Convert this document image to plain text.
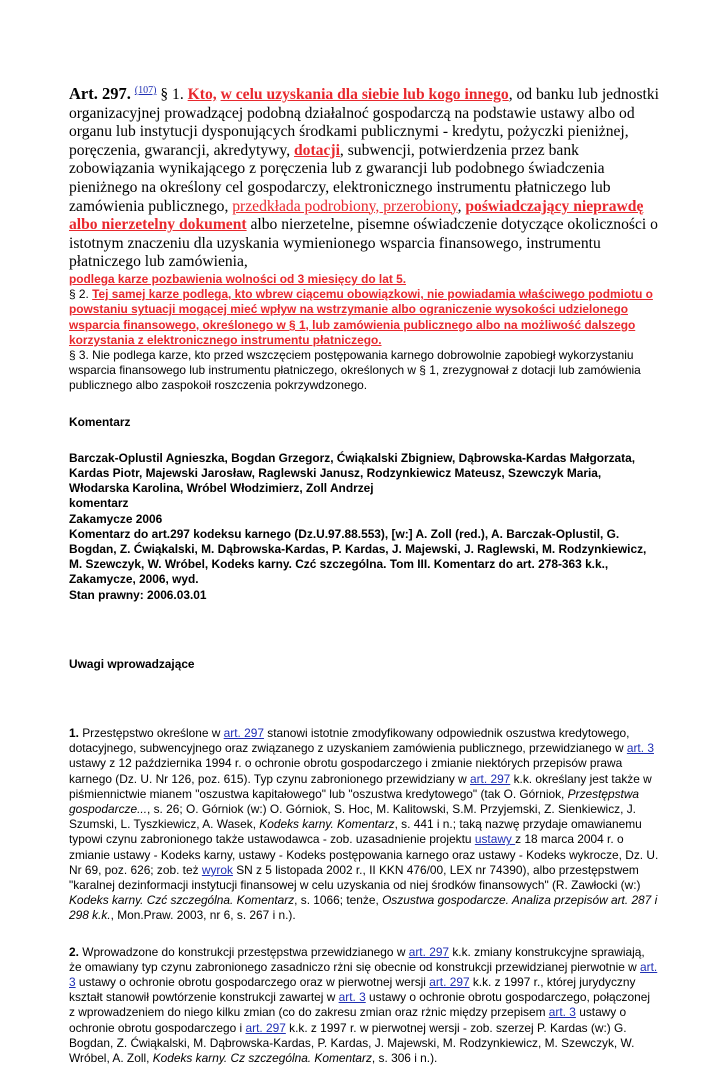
Art. 297. $^{(107)}$ § 1. Kto, w celu uzyskania dla siebie lub kogo innego, od banku lub jednostki organizacyjnej prowadzącej podobną działalnoć gospodarczą na podstawie ustawy albo od organu lub instytucji dysponujących środkami publicznymi - kredytu, pożyczki pieniżnej, poręczenia, gwarancji, akredytywy, dotacji, subwencji, potwierdzenia przez bank zobowiązania wynikającego z poręczenia lub z gwarancji lub podobnego świadczenia pieniżnego na określony cel gospodarczy, elektronicznego instrumentu płatniczego lub zamówienia publicznego, przedkłada podrobiony, przerobiony, poświadczający nieprawdę albo nierzetelny dokument albo nierzetelne, pisemne oświadczenie dotyczące okoliczności o istotnym znaczeniu dla uzyskania wymienionego wsparcia finansowego, instrumentu płatniczego lub zamówienia,

podlega karze pozbawienia wolności od 3 miesięcy do lat 5.

§ 2. Tej samej karze podlega, kto wbrew ciącemu obowiązkowi, nie powiadamia właściwego podmiotu o powstaniu sytuacji mogącej mieć wpływ na wstrzymanie albo ograniczenie wysokości udzielonego wsparcia finansowego, określonego w § 1, lub zamówienia publicznego albo na możliwość dalszego korzystania z elektronicznego instrumentu płatniczego.

§ 3. Nie podlega karze, kto przed wszczęciem postępowania karnego dobrowolnie zapobiegł wykorzystaniu wsparcia finansowego lub instrumentu płatniczego, określonych w § 1, zrezygnował z dotacji lub zamówienia publicznego albo zaspokoił roszczenia pokrzywdzonego.

Komentarz

Barczak-Oplustil Agnieszka, Bogdan Grzegorz, Ćwiąkalski Zbigniew, Dąbrowska-Kardas Małgorzata, Kardas Piotr, Majewski Jarosław, Raglewski Janusz, Rodzynkiewicz Mateusz, Szewczyk Maria, Włodarska Karolina, Wróbel Włodzimierz, Zoll Andrzej

komentarz

Zakamycze 2006

Komentarz do art.297 kodeksu karnego (Dz.U.97.88.553), [w:] A. Zoll (red.), A. Barczak-Oplustil, G. Bogdan, Z. Ćwiąkalski, M. Dąbrowska-Kardas, P. Kardas, J. Majewski, J. Raglewski, M. Rodzynkiewicz, M. Szewczyk, W. Wróbel, Kodeks karny. Czć szczególna. Tom III. Komentarz do art. 278-363 k.k., Zakamycze, 2006, wyd.

Stan prawny: 2006.03.01

Uwagi wprowadzające

1. Przestępstwo określone w art. 297 stanowi istotnie zmodyfikowany odpowiednik oszustwa kredytowego, dotacyjnego, subwencyjnego oraz związanego z uzyskaniem zamówienia publicznego, przewidzianego w art. 3 ustawy z 12 października 1994 r. o ochronie obrotu gospodarczego i zmianie niektórych przepisów prawa karnego (Dz. U. Nr 126, poz. 615). Typ czynu zabronionego przewidziany w art. 297 k.k. określany jest także w piśmiennictwie mianem "oszustwa kapitałowego" lub "oszustwa kredytowego" (tak O. Górniok, Przestępstwa gospodarcze..., s. 26; O. Górniok (w:) O. Górniok, S. Hoc, M. Kalitowski, S.M. Przyjemski, Z. Sienkiewicz, J. Szumski, L. Tyszkiewicz, A. Wasek, Kodeks karny. Komentarz, s. 441 i n.; taką nazwę przydaje omawianemu typowi czynu zabronionego także ustawodawca - zob. uzasadnienie projektu ustawy z 18 marca 2004 r. o zmianie ustawy - Kodeks karny, ustawy - Kodeks postępowania karnego oraz ustawy - Kodeks wykrocze, Dz. U. Nr 69, poz. 626; zob. też wyrok SN z 5 listopada 2002 r., II KKN 476/00, LEX nr 74390), albo przestępstwem "karalnej dezinformacji instytucji finansowej w celu uzyskania od niej środków finansowych" (R. Zawłocki (w:) Kodeks karny. Czć szczególna. Komentarz, s. 1066; tenże, Oszustwa gospodarcze. Analiza przepisów art. 287 i 298 k.k., Mon.Praw. 2003, nr 6, s. 267 i n.).

2. Wprowadzone do konstrukcji przestępstwa przewidzianego w art. 297 k.k. zmiany konstrukcyjne sprawiają, że omawiany typ czynu zabronionego zasadniczo rżni się obecnie od konstrukcji przewidzianej pierwotnie w art. 3 ustawy o ochronie obrotu gospodarczego oraz w pierwotnej wersji art. 297 k.k. z 1997 r., której jurydyczny kształt stanowił powtórzenie konstrukcji zawartej w art. 3 ustawy o ochronie obrotu gospodarczego, połączonej z wprowadzeniem do niego kilku zmian (co do zakresu zmian oraz rżnic między przepisem art. 3 ustawy o ochronie obrotu gospodarczego i art. 297 k.k. z 1997 r. w pierwotnej wersji - zob. szerzej P. Kardas (w:) G. Bogdan, Z. Ćwiąkalski, M. Dąbrowska-Kardas, P. Kardas, J. Majewski, M. Rodzynkiewicz, M. Szewczyk, W. Wróbel, A. Zoll, Kodeks karny. Cz szczególna. Komentarz, s. 306 i n.).
